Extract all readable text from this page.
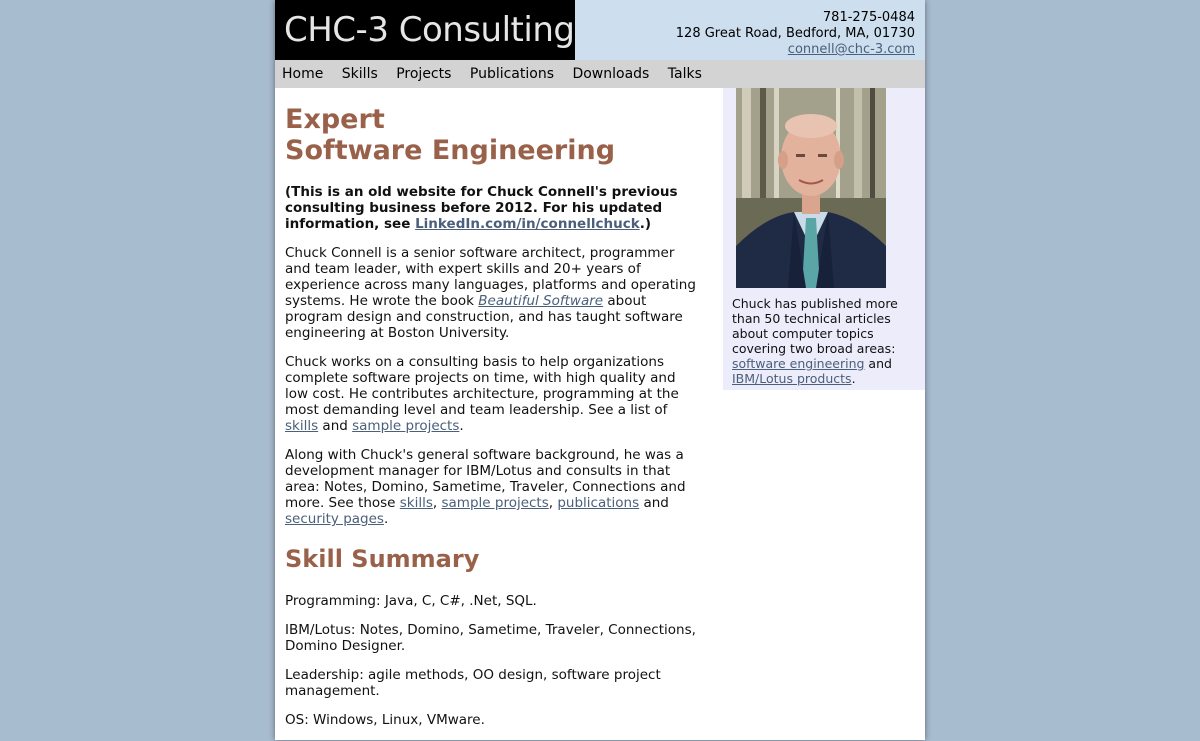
CHC-3 Consulting	781-275-0484
128 Great Road, Bedford, MA, 01730
connell@chc-3.com
Home Skills Projects Publications Downloads Talks
Expert
Software Engineering

(This is an old website for Chuck Connell's previous consulting business before 2012. For his updated information, see LinkedIn.com/in/connellchuck.)

Chuck Connell is a senior software architect, programmer and team leader, with expert skills and 20+ years of experience across many languages, platforms and operating systems. He wrote the book Beautiful Software about program design and construction, and has taught software engineering at Boston University.

Chuck works on a consulting basis to help organizations complete software projects on time, with high quality and low cost. He contributes architecture, programming at the most demanding level and team leadership. See a list of skills and sample projects.

Along with Chuck's general software background, he was a development manager for IBM/Lotus and consults in that area: Notes, Domino, Sametime, Traveler, Connections and more. See those skills, sample projects, publications and security pages.

Skill Summary

Programming: Java, C, C#, .Net, SQL.

IBM/Lotus: Notes, Domino, Sametime, Traveler, Connections, Domino Designer.

Leadership: agile methods, OO design, software project management.

OS: Windows, Linux, VMware.

Chuck has published more than 50 technical articles about computer topics covering two broad areas: software engineering and IBM/Lotus products.
